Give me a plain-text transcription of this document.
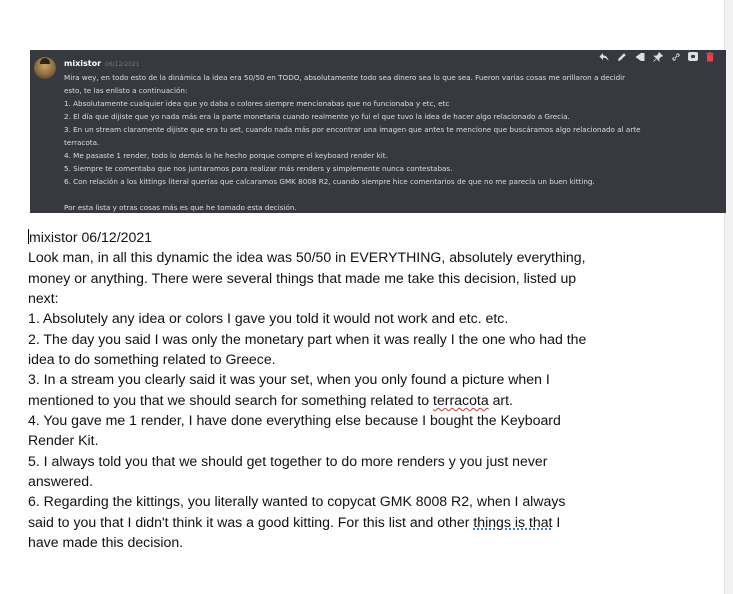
mixistor 06/12/2021
Mira wey, en todo esto de la dinámica la idea era 50/50 en TODO, absolutamente todo sea dinero sea lo que sea. Fueron varias cosas me orillaron a decidir
esto, te las enlisto a continuación:
1. Absolutamente cualquier idea que yo daba o colores siempre mencionabas que no funcionaba y etc, etc
2. El día que dijiste que yo nada más era la parte monetaria cuando realmente yo fui el que tuvo la idea de hacer algo relacionado a Grecia.
3. En un stream claramente dijiste que era tu set, cuando nada más por encontrar una imagen que antes te mencione que buscáramos algo relacionado al arte
terracota.
4. Me pasaste 1 render, todo lo demás lo he hecho porque compre el keyboard render kit.
5. Siempre te comentaba que nos juntaramos para realizar más renders y simplemente nunca contestabas.
6. Con relación a los kittings literal querías que calcaramos GMK 8008 R2, cuando siempre hice comentarios de que no me parecía un buen kitting.
Por esta lista y otras cosas más es que he tomado esta decisión.
mixistor 06/12/2021
Look man, in all this dynamic the idea was 50/50 in EVERYTHING, absolutely everything,
money or anything. There were several things that made me take this decision, listed up
next:
1. Absolutely any idea or colors I gave you told it would not work and etc. etc.
2. The day you said I was only the monetary part when it was really I the one who had the
idea to do something related to Greece.
3. In a stream you clearly said it was your set, when you only found a picture when I
mentioned to you that we should search for something related to terracota art.
4. You gave me 1 render, I have done everything else because I bought the Keyboard
Render Kit.
5. I always told you that we should get together to do more renders y you just never
answered.
6. Regarding the kittings, you literally wanted to copycat GMK 8008 R2, when I always
said to you that I didn't think it was a good kitting. For this list and other things is that I
have made this decision.
